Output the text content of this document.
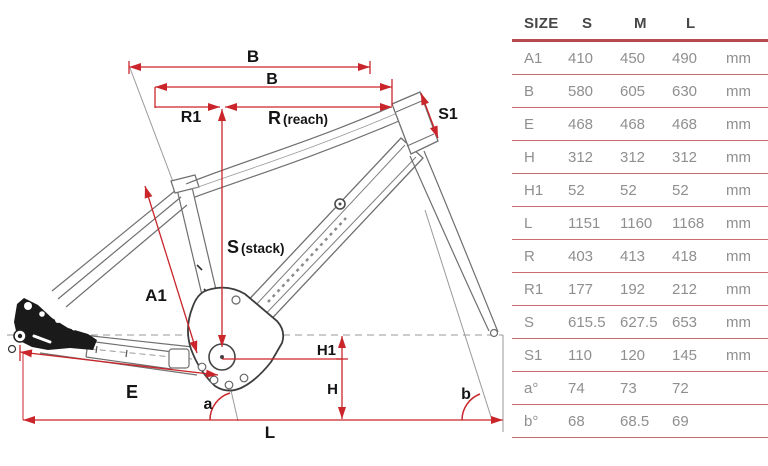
B
B
R1	R (reach)
S (stack)
S1
A1
E
H1
H
a
b
L
SIZE	S	M	L
A1	410	450	490	mm
B	580	605	630	mm
E	468	468	468	mm
H	312	312	312	mm
H1	52	52	52	mm
L	1151	1160	1168	mm
R	403	413	418	mm
R1	177	192	212	mm
S	615.5 627.5 653	mm
S1	110	120	145	mm
a°	74	73	72
b°	68	68.5	69
